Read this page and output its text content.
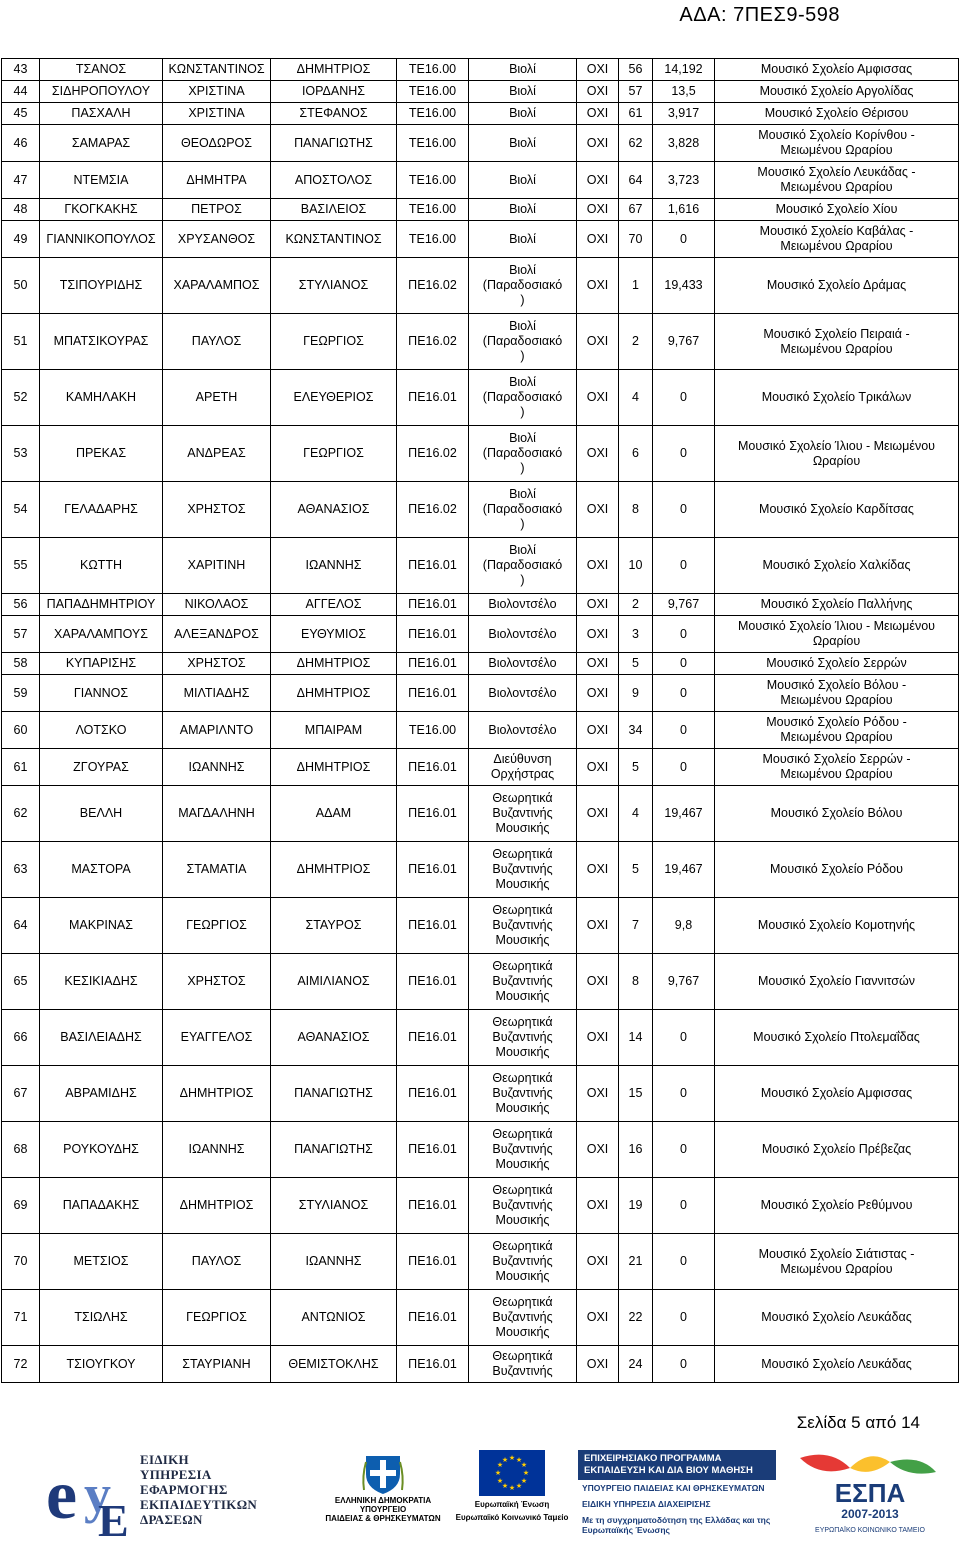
ΑΔΑ: 7ΠΕΣ9-598
43	ΤΣΑΝΟΣ	ΚΩΝΣΤΑΝΤΙΝΟΣ	ΔΗΜΗΤΡΙΟΣ	ΤΕ16.00	Βιολί	ΟΧΙ	56	14,192	Μουσικό Σχολείο Αμφισσας
44	ΣΙΔΗΡΟΠΟΥΛΟΥ	ΧΡΙΣΤΙΝΑ	ΙΟΡΔΑΝΗΣ	ΤΕ16.00	Βιολί	ΟΧΙ	57	13,5	Μουσικό Σχολείο Αργολίδας
45	ΠΑΣΧΑΛΗ	ΧΡΙΣΤΙΝΑ	ΣΤΕΦΑΝΟΣ	ΤΕ16.00	Βιολί	ΟΧΙ	61	3,917	Μουσικό Σχολείο Θέρισου
46	ΣΑΜΑΡΑΣ	ΘΕΟΔΩΡΟΣ	ΠΑΝΑΓΙΩΤΗΣ	ΤΕ16.00	Βιολί	ΟΧΙ	62	3,828	Μουσικό Σχολείο Κορίνθου -
Μειωμένου Ωραρίου
47	ΝΤΕΜΣΙΑ	ΔΗΜΗΤΡΑ	ΑΠΟΣΤΟΛΟΣ	ΤΕ16.00	Βιολί	ΟΧΙ	64	3,723	Μουσικό Σχολείο Λευκάδας -
Μειωμένου Ωραρίου
48	ΓΚΟΓΚΑΚΗΣ	ΠΕΤΡΟΣ	ΒΑΣΙΛΕΙΟΣ	ΤΕ16.00	Βιολί	ΟΧΙ	67	1,616	Μουσικό Σχολείο Χίου
49	ΓΙΑΝΝΙΚΟΠΟΥΛΟΣ	ΧΡΥΣΑΝΘΟΣ	ΚΩΝΣΤΑΝΤΙΝΟΣ	ΤΕ16.00	Βιολί	ΟΧΙ	70	0	Μουσικό Σχολείο Καβάλας -
Μειωμένου Ωραρίου
50	ΤΣΙΠΟΥΡΙΔΗΣ	ΧΑΡΑΛΑΜΠΟΣ	ΣΤΥΛΙΑΝΟΣ	ΠΕ16.02	Βιολί
(Παραδοσιακό
)	ΟΧΙ	1	19,433	Μουσικό Σχολείο Δράμας
51	ΜΠΑΤΣΙΚΟΥΡΑΣ	ΠΑΥΛΟΣ	ΓΕΩΡΓΙΟΣ	ΠΕ16.02	Βιολί
(Παραδοσιακό
)	ΟΧΙ	2	9,767	Μουσικό Σχολείο Πειραιά -
Μειωμένου Ωραρίου
52	ΚΑΜΗΛΑΚΗ	ΑΡΕΤΗ	ΕΛΕΥΘΕΡΙΟΣ	ΠΕ16.01	Βιολί
(Παραδοσιακό
)	ΟΧΙ	4	0	Μουσικό Σχολείο Τρικάλων
53	ΠΡΕΚΑΣ	ΑΝΔΡΕΑΣ	ΓΕΩΡΓΙΟΣ	ΠΕ16.02	Βιολί
(Παραδοσιακό
)	ΟΧΙ	6	0	Μουσικό Σχολείο Ίλιου - Μειωμένου
Ωραρίου
54	ΓΕΛΑΔΑΡΗΣ	ΧΡΗΣΤΟΣ	ΑΘΑΝΑΣΙΟΣ	ΠΕ16.02	Βιολί
(Παραδοσιακό
)	ΟΧΙ	8	0	Μουσικό Σχολείο Καρδίτσας
55	ΚΩΤΤΗ	ΧΑΡΙΤΙΝΗ	ΙΩΑΝΝΗΣ	ΠΕ16.01	Βιολί
(Παραδοσιακό
)	ΟΧΙ	10	0	Μουσικό Σχολείο Χαλκίδας
56	ΠΑΠΑΔΗΜΗΤΡΙΟΥ	ΝΙΚΟΛΑΟΣ	ΑΓΓΕΛΟΣ	ΠΕ16.01	Βιολοντσέλο	ΟΧΙ	2	9,767	Μουσικό Σχολείο Παλλήνης
57	ΧΑΡΑΛΑΜΠΟΥΣ	ΑΛΕΞΑΝΔΡΟΣ	ΕΥΘΥΜΙΟΣ	ΠΕ16.01	Βιολοντσέλο	ΟΧΙ	3	0	Μουσικό Σχολείο Ίλιου - Μειωμένου
Ωραρίου
58	ΚΥΠΑΡΙΣΗΣ	ΧΡΗΣΤΟΣ	ΔΗΜΗΤΡΙΟΣ	ΠΕ16.01	Βιολοντσέλο	ΟΧΙ	5	0	Μουσικό Σχολείο Σερρών
59	ΓΙΑΝΝΟΣ	ΜΙΛΤΙΑΔΗΣ	ΔΗΜΗΤΡΙΟΣ	ΠΕ16.01	Βιολοντσέλο	ΟΧΙ	9	0	Μουσικό Σχολείο Βόλου -
Μειωμένου Ωραρίου
60	ΛΟΤΣΚΟ	ΑΜΑΡΙΛΝΤΟ	ΜΠΑΙΡΑΜ	ΤΕ16.00	Βιολοντσέλο	ΟΧΙ	34	0	Μουσικό Σχολείο Ρόδου -
Μειωμένου Ωραρίου
61	ΖΓΟΥΡΑΣ	ΙΩΑΝΝΗΣ	ΔΗΜΗΤΡΙΟΣ	ΠΕ16.01	Διεύθυνση
Ορχήστρας	ΟΧΙ	5	0	Μουσικό Σχολείο Σερρών -
Μειωμένου Ωραρίου
62	ΒΕΛΛΗ	ΜΑΓΔΑΛΗΝΗ	ΑΔΑΜ	ΠΕ16.01	Θεωρητικά
Βυζαντινής
Μουσικής	ΟΧΙ	4	19,467	Μουσικό Σχολείο Βόλου
63	ΜΑΣΤΟΡΑ	ΣΤΑΜΑΤΙΑ	ΔΗΜΗΤΡΙΟΣ	ΠΕ16.01	Θεωρητικά
Βυζαντινής
Μουσικής	ΟΧΙ	5	19,467	Μουσικό Σχολείο Ρόδου
64	ΜΑΚΡΙΝΑΣ	ΓΕΩΡΓΙΟΣ	ΣΤΑΥΡΟΣ	ΠΕ16.01	Θεωρητικά
Βυζαντινής
Μουσικής	ΟΧΙ	7	9,8	Μουσικό Σχολείο Κομοτηνής
65	ΚΕΣΙΚΙΑΔΗΣ	ΧΡΗΣΤΟΣ	ΑΙΜΙΛΙΑΝΟΣ	ΠΕ16.01	Θεωρητικά
Βυζαντινής
Μουσικής	ΟΧΙ	8	9,767	Μουσικό Σχολείο Γιαννιτσών
66	ΒΑΣΙΛΕΙΑΔΗΣ	ΕΥΑΓΓΕΛΟΣ	ΑΘΑΝΑΣΙΟΣ	ΠΕ16.01	Θεωρητικά
Βυζαντινής
Μουσικής	ΟΧΙ	14	0	Μουσικό Σχολείο Πτολεμαΐδας
67	ΑΒΡΑΜΙΔΗΣ	ΔΗΜΗΤΡΙΟΣ	ΠΑΝΑΓΙΩΤΗΣ	ΠΕ16.01	Θεωρητικά
Βυζαντινής
Μουσικής	ΟΧΙ	15	0	Μουσικό Σχολείο Αμφισσας
68	ΡΟΥΚΟΥΔΗΣ	ΙΩΑΝΝΗΣ	ΠΑΝΑΓΙΩΤΗΣ	ΠΕ16.01	Θεωρητικά
Βυζαντινής
Μουσικής	ΟΧΙ	16	0	Μουσικό Σχολείο Πρέβεζας
69	ΠΑΠΑΔΑΚΗΣ	ΔΗΜΗΤΡΙΟΣ	ΣΤΥΛΙΑΝΟΣ	ΠΕ16.01	Θεωρητικά
Βυζαντινής
Μουσικής	ΟΧΙ	19	0	Μουσικό Σχολείο Ρεθύμνου
70	ΜΕΤΣΙΟΣ	ΠΑΥΛΟΣ	ΙΩΑΝΝΗΣ	ΠΕ16.01	Θεωρητικά
Βυζαντινής
Μουσικής	ΟΧΙ	21	0	Μουσικό Σχολείο Σιάτιστας -
Μειωμένου Ωραρίου
71	ΤΣΙΩΛΗΣ	ΓΕΩΡΓΙΟΣ	ΑΝΤΩΝΙΟΣ	ΠΕ16.01	Θεωρητικά
Βυζαντινής
Μουσικής	ΟΧΙ	22	0	Μουσικό Σχολείο Λευκάδας
72	ΤΣΙΟΥΓΚΟΥ	ΣΤΑΥΡΙΑΝΗ	ΘΕΜΙΣΤΟΚΛΗΣ	ΠΕ16.01	Θεωρητικά
Βυζαντινής	ΟΧΙ	24	0	Μουσικό Σχολείο Λευκάδας
Σελίδα 5 από 14
e y
E
ΕΙΔΙΚΗ
ΥΠΗΡΕΣΙΑ
ΕΦΑΡΜΟΓΗΣ
ΕΚΠΑΙΔΕΥΤΙΚΩΝ
ΔΡΑΣΕΩΝ
ΕΛΛΗΝΙΚΗ ΔΗΜΟΚΡΑΤΙΑ
ΥΠΟΥΡΓΕΙΟ
ΠΑΙΔΕΙΑΣ & ΘΡΗΣΚΕΥΜΑΤΩΝ
★ ★
★
★
★
★
★
★
★
★
★
★
Ευρωπαϊκή Ένωση
Ευρωπαϊκό Κοινωνικό Ταμείο
ΕΠΙΧΕΙΡΗΣΙΑΚΟ ΠΡΟΓΡΑΜΜΑ
ΕΚΠΑΙΔΕΥΣΗ ΚΑΙ ΔΙΑ ΒΙΟΥ ΜΑΘΗΣΗ
ΥΠΟΥΡΓΕΙΟ ΠΑΙΔΕΙΑΣ ΚΑΙ ΘΡΗΣΚΕΥΜΑΤΩΝ
ΕΙΔΙΚΗ ΥΠΗΡΕΣΙΑ ΔΙΑΧΕΙΡΙΣΗΣ
Με τη συγχρηματοδότηση της Ελλάδας και της Ευρωπαϊκής Ένωσης
ΕΣΠΑ
2007-2013
ΕΥΡΩΠΑΪΚΟ ΚΟΙΝΩΝΙΚΟ ΤΑΜΕΙΟ
